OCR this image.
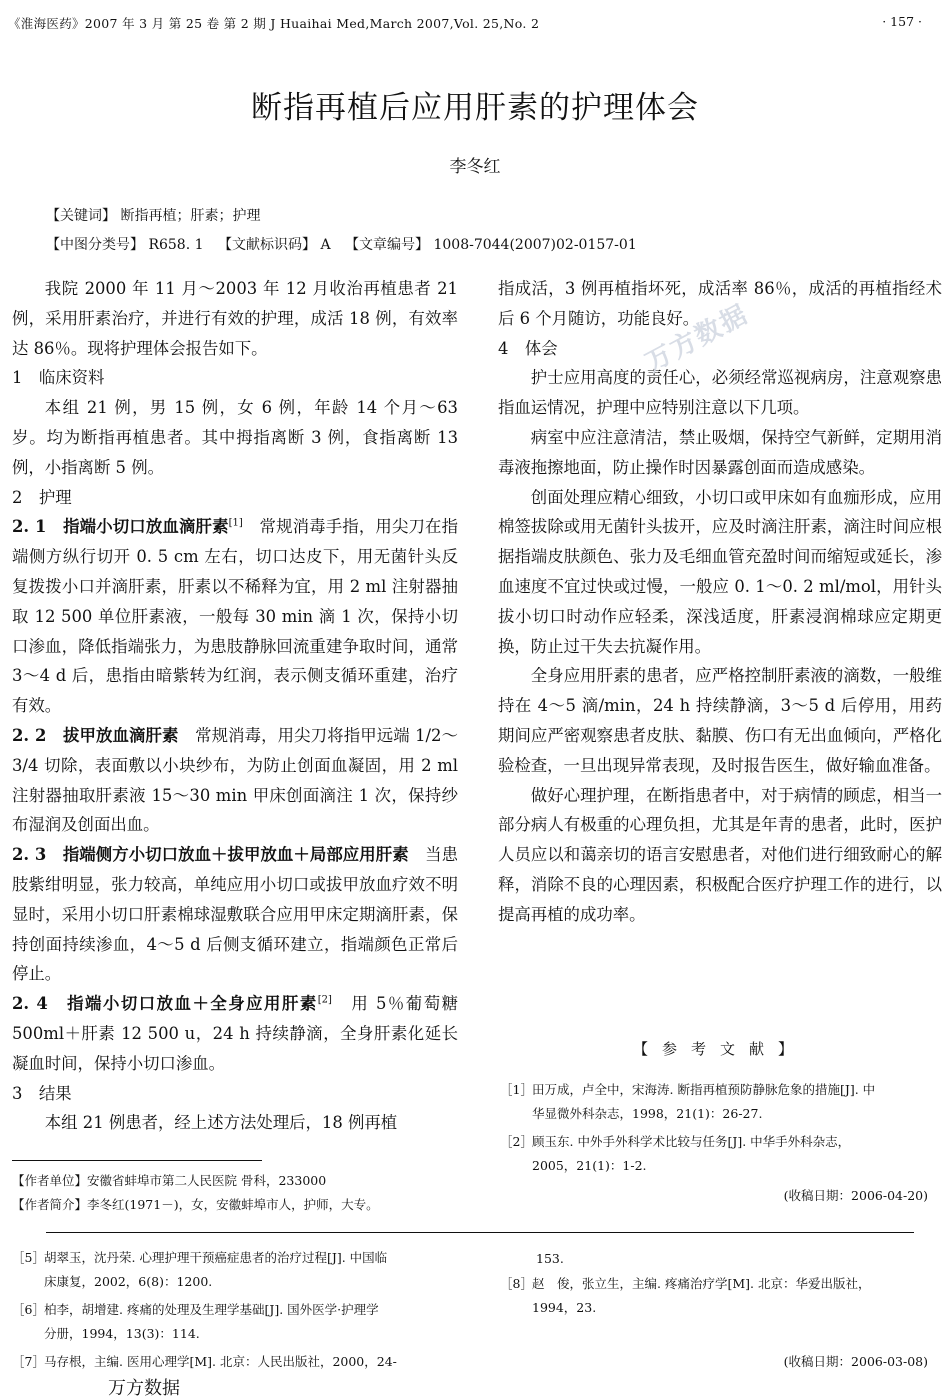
《淮海医药》2007 年 3 月 第 25 卷 第 2 期 J Huaihai Med,March 2007,Vol. 25,No. 2	· 157 ·
断指再植后应用肝素的护理体会
李冬红
【关键词】 断指再植；肝素；护理
【中图分类号】 R658. 1 【文献标识码】 A 【文章编号】 1008-7044(2007)02-0157-01

我院 2000 年 11 月～2003 年 12 月收治再植患者 21 例，采用肝素治疗，并进行有效的护理，成活 18 例，有效率达 86％。现将护理体会报告如下。

1　临床资料

本组 21 例，男 15 例，女 6 例，年龄 14 个月～63 岁。均为断指再植患者。其中拇指离断 3 例，食指离断 13 例，小指离断 5 例。

2　护理

2. 1　指端小切口放血滴肝素[1]　常规消毒手指，用尖刀在指端侧方纵行切开 0. 5 cm 左右，切口达皮下，用无菌针头反复拨拨小口并滴肝素，肝素以不稀释为宜，用 2 ml 注射器抽取 12 500 单位肝素液，一般每 30 min 滴 1 次，保持小切口渗血，降低指端张力，为患肢静脉回流重建争取时间，通常 3～4 d 后，患指由暗紫转为红润，表示侧支循环重建，治疗有效。

2. 2　拔甲放血滴肝素　常规消毒，用尖刀将指甲远端 1/2～3/4 切除，表面敷以小块纱布，为防止创面血凝固，用 2 ml 注射器抽取肝素液 15～30 min 甲床创面滴注 1 次，保持纱布湿润及创面出血。

2. 3　指端侧方小切口放血＋拔甲放血＋局部应用肝素　当患肢紫绀明显，张力较高，单纯应用小切口或拔甲放血疗效不明显时，采用小切口肝素棉球湿敷联合应用甲床定期滴肝素，保持创面持续渗血，4～5 d 后侧支循环建立，指端颜色正常后停止。

2. 4　指端小切口放血＋全身应用肝素[2]　用 5％葡萄糖 500ml＋肝素 12 500 u，24 h 持续静滴，全身肝素化延长凝血时间，保持小切口渗血。

3　结果

本组 21 例患者，经上述方法处理后，18 例再植

【作者单位】安徽省蚌埠市第二人民医院 骨科，233000
【作者简介】李冬红(1971－)，女，安徽蚌埠市人，护师，大专。

指成活，3 例再植指坏死，成活率 86％，成活的再植指经术后 6 个月随访，功能良好。

4　体会

护士应用高度的责任心，必须经常巡视病房，注意观察患指血运情况，护理中应特别注意以下几项。

病室中应注意清洁，禁止吸烟，保持空气新鲜，定期用消毒液拖擦地面，防止操作时因暴露创面而造成感染。

创面处理应精心细致，小切口或甲床如有血痂形成，应用棉签拔除或用无菌针头拔开，应及时滴注肝素，滴注时间应根据指端皮肤颜色、张力及毛细血管充盈时间而缩短或延长，渗血速度不宜过快或过慢，一般应 0. 1～0. 2 ml/mol，用针头拔小切口时动作应轻柔，深浅适度，肝素浸润棉球应定期更换，防止过干失去抗凝作用。

全身应用肝素的患者，应严格控制肝素液的滴数，一般维持在 4～5 滴/min，24 h 持续静滴，3～5 d 后停用，用药期间应严密观察患者皮肤、黏膜、伤口有无出血倾向，严格化验检查，一旦出现异常表现，及时报告医生，做好输血准备。

做好心理护理，在断指患者中，对于病情的顾虑，相当一部分病人有极重的心理负担，尤其是年青的患者，此时，医护人员应以和蔼亲切的语言安慰患者，对他们进行细致耐心的解释，消除不良的心理因素，积极配合医疗护理工作的进行，以提高再植的成功率。

万方数据
【参考文献】
［1］ 田万成，卢全中，宋海涛. 断指再植预防静脉危象的措施[J]. 中
华显微外科杂志，1998，21(1)：26-27.
［2］ 顾玉东. 中外手外科学术比较与任务[J]. 中华手外科杂志，
2005，21(1)：1-2.
(收稿日期：2006-04-20)
［5］ 胡翠玉，沈丹荣. 心理护理干预癌症患者的治疗过程[J]. 中国临
床康复，2002，6(8)：1200.
［6］ 柏李，胡增建. 疼痛的处理及生理学基础[J]. 国外医学·护理学
分册，1994，13(3)：114.
［7］ 马存根，主编. 医用心理学[M]. 北京：人民出版社，2000，24-
万方数据
153.
［8］ 赵　俊，张立生，主编. 疼痛治疗学[M]. 北京：华爱出版社，
1994，23.
(收稿日期：2006-03-08)
